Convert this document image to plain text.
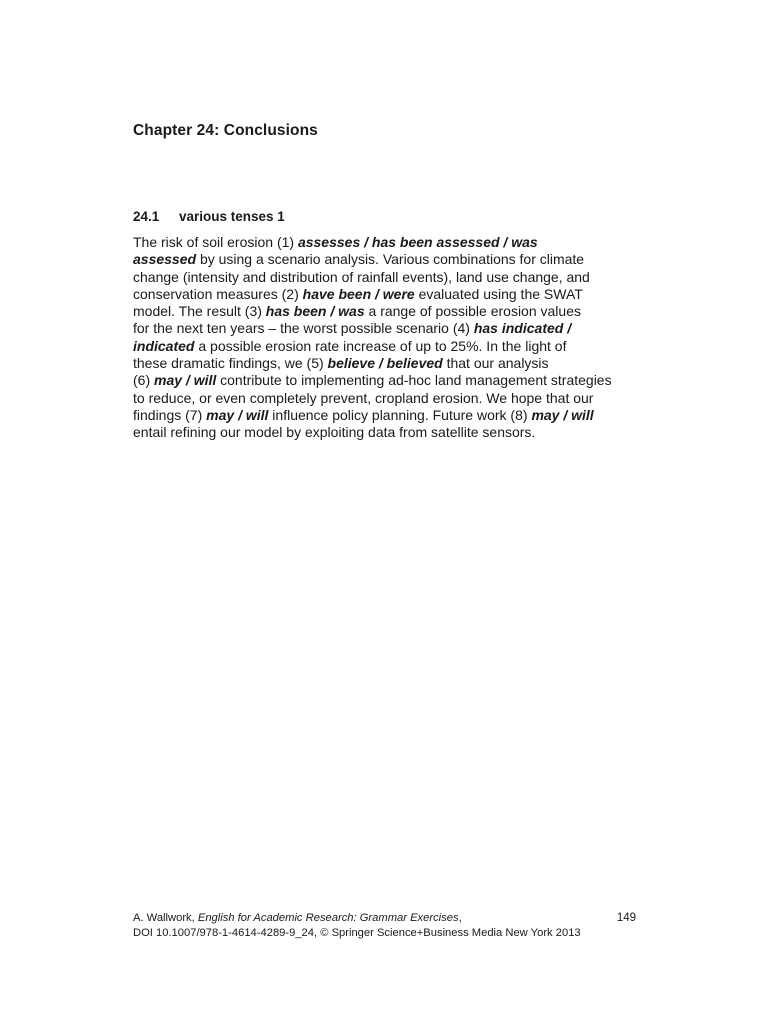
Chapter 24: Conclusions
24.1 various tenses 1

The risk of soil erosion (1) assesses / has been assessed / was
assessed by using a scenario analysis. Various combinations for climate
change (intensity and distribution of rainfall events), land use change, and
conservation measures (2) have been / were evaluated using the SWAT
model. The result (3) has been / was a range of possible erosion values
for the next ten years – the worst possible scenario (4) has indicated /
indicated a possible erosion rate increase of up to 25%. In the light of
these dramatic findings, we (5) believe / believed that our analysis
(6) may / will contribute to implementing ad-hoc land management strategies
to reduce, or even completely prevent, cropland erosion. We hope that our
findings (7) may / will influence policy planning. Future work (8) may / will
entail refining our model by exploiting data from satellite sensors.

A. Wallwork, English for Academic Research: Grammar Exercises,
DOI 10.1007/978-1-4614-4289-9_24, © Springer Science+Business Media New York 2013
149
